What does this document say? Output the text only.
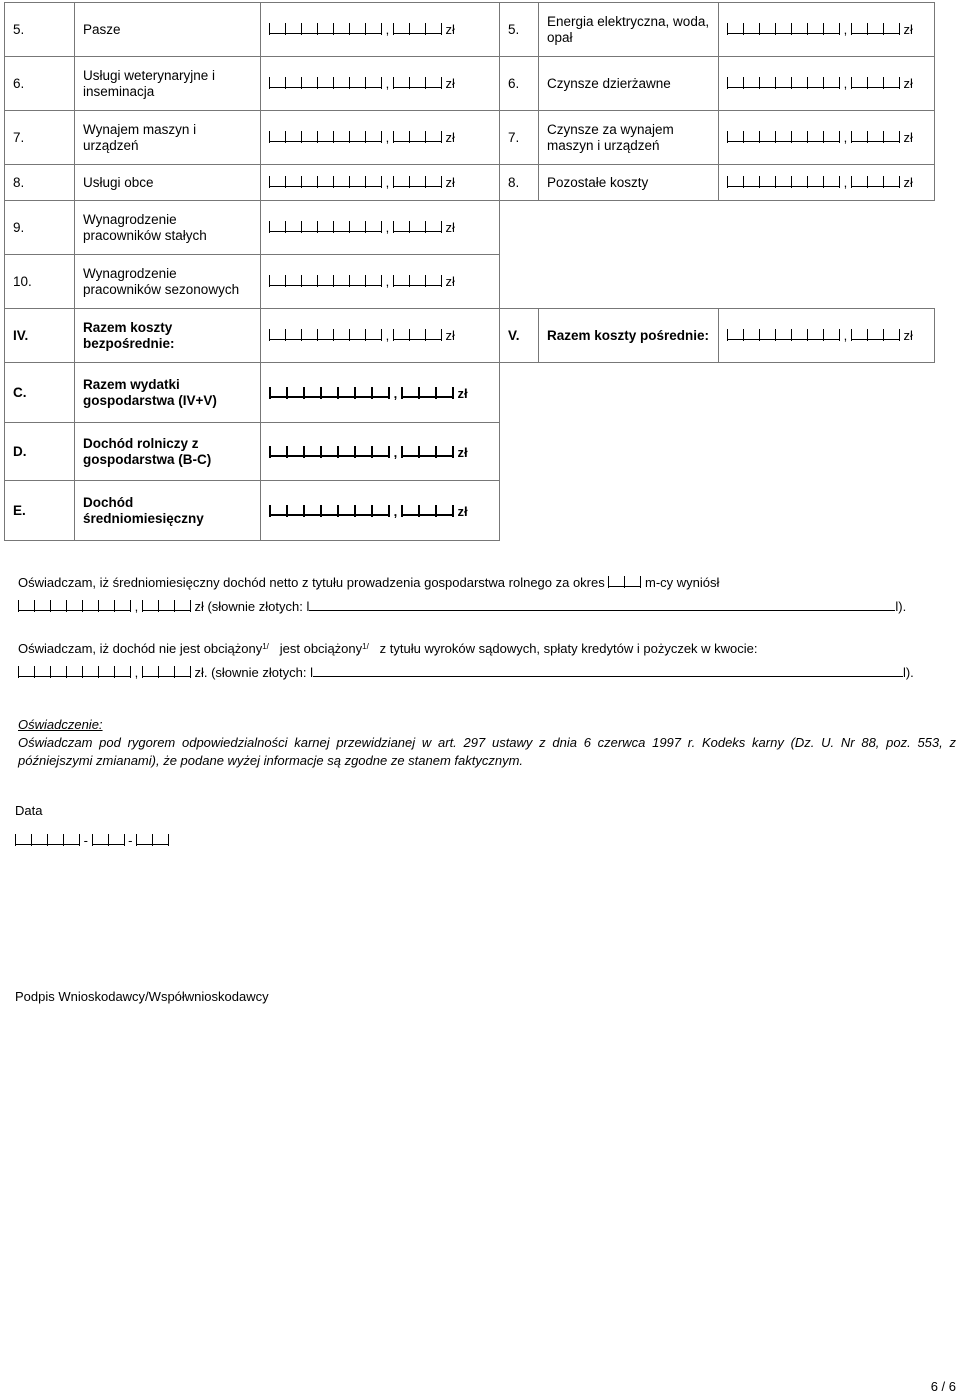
5.	Pasze	, zł	5.	Energia elektryczna, woda, opał	, zł
6.	Usługi weterynaryjne i inseminacja	, zł	6.	Czynsze dzierżawne	, zł
7.	Wynajem maszyn i urządzeń	, zł	7.	Czynsze za wynajem maszyn i urządzeń	, zł
8.	Usługi obce	, zł	8.	Pozostałe koszty	, zł
9.	Wynagrodzenie pracowników stałych	, zł			
10.	Wynagrodzenie pracowników sezonowych	, zł			
IV.	Razem koszty bezpośrednie:	, zł	V.	Razem koszty pośrednie:	, zł
C.	Razem wydatki gospodarstwa (IV+V)	, zł			
D.	Dochód rolniczy z gospodarstwa (B-C)	, zł			
E.	Dochód średniomiesięczny	, zł			
Oświadczam, iż średniomiesięczny dochód netto z tytułu prowadzenia gospodarstwa rolnego za okres	m-cy wyniósł
,	zł (słownie złotych: l	l).
Oświadczam, iż dochód nie jest obciążony$^{1/}$ jest obciążony$^{1/}$ z tytułu wyroków sądowych, spłaty kredytów i pożyczek w kwocie:
,	zł. (słownie złotych: l	l).
Oświadczenie:
Oświadczam pod rygorem odpowiedzialności karnej przewidzianej w art. 297 ustawy z dnia 6 czerwca 1997 r. Kodeks karny (Dz. U. Nr 88, poz. 553, z późniejszymi zmianami), że podane wyżej informacje są zgodne ze stanem faktycznym.
Data
-	-
Podpis Wnioskodawcy/Współwnioskodawcy
6 / 6
